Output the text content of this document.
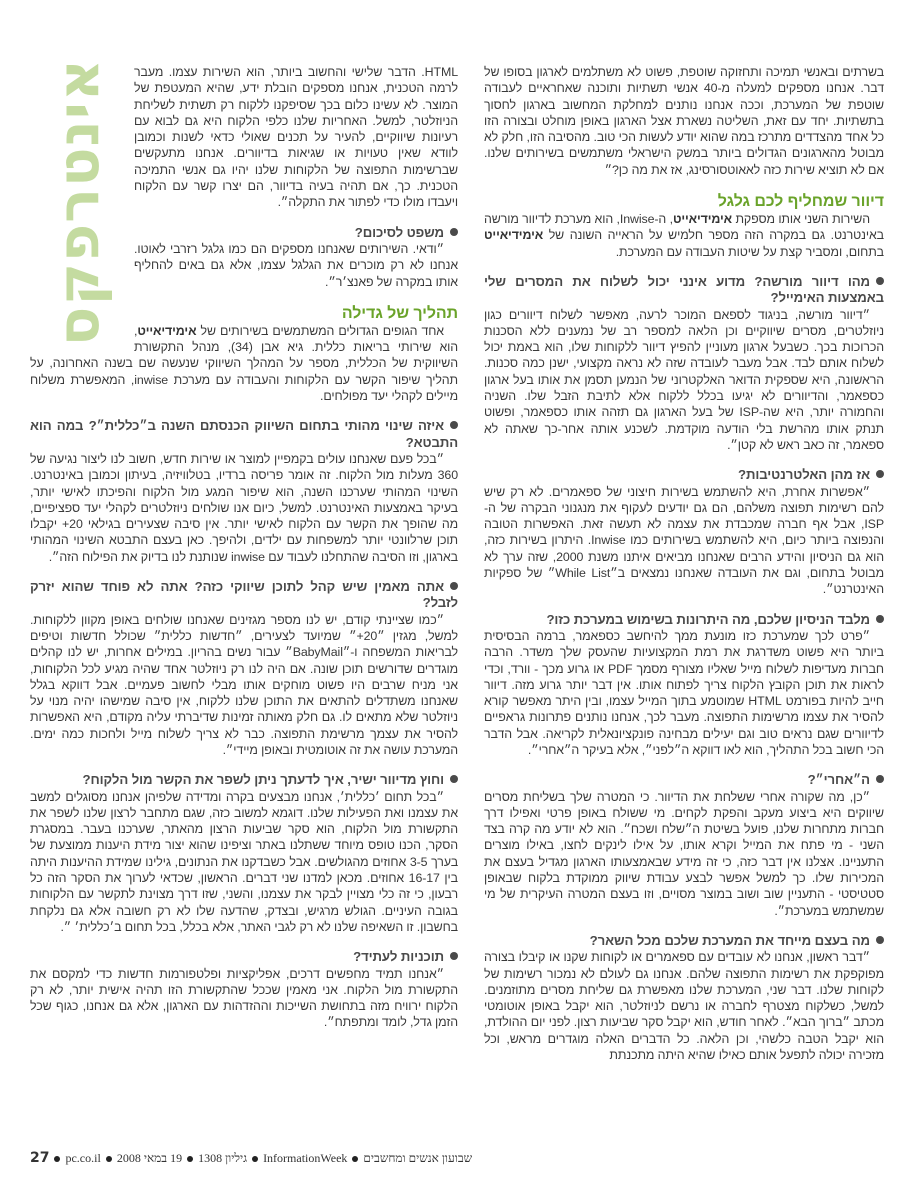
אינטרפקס	בשרתים ובאנשי תמיכה ותחזוקה שוטפת, פשוט לא משתלמים לארגון בסופו של דבר. אנחנו מספקים למעלה מ-40 אנשי תשתיות ותוכנה שאחראיים לעבודה שוטפת של המערכת, וככה אנחנו נותנים למחלקת המחשוב בארגון לחסוך בתשתיות. יחד עם זאת, השליטה נשארת אצל הארגון באופן מוחלט ובצורה הזו כל אחד מהצדדים מתרכז במה שהוא יודע לעשות הכי טוב. מהסיבה הזו, חלק לא מבוטל מהארגונים הגדולים ביותר במשק הישראלי משתמשים בשירותים שלנו. אם לא תוציא שירות כזה לאאוטסורסינג, אז את מה כן?״

דיוור שמחליף לכם גלגל

השירות השני אותו מספקת אימידיאייט, ה-Inwise, הוא מערכת לדיוור מורשה באינטרנט. גם במקרה הזה מספר חלמיש על הראייה השונה של אימידיאייט בתחום, ומסביר קצת על שיטות העבודה עם המערכת.

מהו דיוור מורשה? מדוע אינני יכול לשלוח את המסרים שלי באמצעות האימייל?

״דיוור מורשה, בניגוד לספאם המוכר לרעה, מאפשר לשלוח דיוורים כגון ניוזלטרים, מסרים שיווקיים וכן הלאה למספר רב של נמענים ללא הסכנות הכרוכות בכך. כשבעל ארגון מעוניין להפיץ דיוור ללקוחות שלו, הוא באמת יכול לשלוח אותם לבד. אבל מעבר לעובדה שזה לא נראה מקצועי, ישנן כמה סכנות. הראשונה, היא שספקית הדואר האלקטרוני של הנמען תסמן את אותו בעל ארגון כספאמר, והדיוורים לא יגיעו בכלל ללקוח אלא לתיבת הזבל שלו. השניה והחמורה יותר, היא שה-ISP של בעל הארגון גם תזהה אותו כספאמר, ופשוט תנתק אותו מהרשת בלי הודעה מוקדמת. לשכנע אותה אחר-כך שאתה לא ספאמר, זה כאב ראש לא קטן״.

אז מהן האלטרנטיבות?

״אפשרות אחרת, היא להשתמש בשירות חיצוני של ספאמרים. לא רק שיש להם רשימות תפוצה משלהם, הם גם יודעים לעקוף את מנגנוני הבקרה של ה-ISP, אבל אף חברה שמכבדת את עצמה לא תעשה זאת. האפשרות הטובה והנפוצה ביותר כיום, היא להשתמש בשירותים כמו Inwise. היתרון בשירות כזה, הוא גם הניסיון והידע הרבים שאנחנו מביאים איתנו משנת 2000, שזה ערך לא מבוטל בתחום, וגם את העובדה שאנחנו נמצאים ב״While List״ של ספקיות האינטרנט״.

מלבד הניסיון שלכם, מה היתרונות בשימוש במערכת כזו?

״פרט לכך שמערכת כזו מונעת ממך להיחשב כספאמר, ברמה הבסיסית ביותר היא פשוט משדרגת את רמת המקצועיות שהעסק שלך משדר. הרבה חברות מעדיפות לשלוח מייל שאליו מצורף מסמך PDF או גרוע מכך - וורד, וכדי לראות את תוכן הקובץ הלקוח צריך לפתוח אותו. אין דבר יותר גרוע מזה. דיוור חייב להיות בפורמט HTML שמוטמע בתוך המייל עצמו, ובין היתר מאפשר קורא להסיר את עצמו מרשימות התפוצה. מעבר לכך, אנחנו נותנים פתרונות גראפיים לדיוורים שגם נראים טוב וגם יעילים מבחינה פונקציונאלית לקריאה. אבל הדבר הכי חשוב בכל התהליך, הוא לאו דווקא ה״לפני״, אלא בעיקר ה״אחרי״.

ה״אחרי״?

״כן, מה שקורה אחרי ששלחת את הדיוור. כי המטרה שלך בשליחת מסרים שיווקים היא ביצוע מעקב והפקת לקחים. מי ששולח באופן פרטי ואפילו דרך חברות מתחרות שלנו, פועל בשיטת ה״שלח ושכח״. הוא לא יודע מה קרה בצד השני - מי פתח את המייל וקרא אותו, על אילו לינקים לחצו, באילו מוצרים התעניינו. אצלנו אין דבר כזה, כי זה מידע שבאמצעותו הארגון מגדיל בעצם את המכירות שלו. כך למשל אפשר לבצע עבודת שיווק ממוקדת בלקוח שבאופן סטטיסטי - התעניין שוב ושוב במוצר מסויים, וזו בעצם המטרה העיקרית של מי שמשתמש במערכת״.

מה בעצם מייחד את המערכת שלכם מכל השאר?

״דבר ראשון, אנחנו לא עובדים עם ספאמרים או לקוחות שקנו או קיבלו בצורה מפוקפקת את רשימות התפוצה שלהם. אנחנו גם לעולם לא נמכור רשימות של לקוחות שלנו. דבר שני, המערכת שלנו מאפשרת גם שליחת מסרים מתוזמנים. למשל, כשלקוח מצטרף לחברה או נרשם לניוזלטר, הוא יקבל באופן אוטומטי מכתב ״ברוך הבא״. לאחר חודש, הוא יקבל סקר שביעות רצון. לפני יום ההולדת, הוא יקבל הטבה כלשהי, וכן הלאה. כל הדברים האלה מוגדרים מראש, וכל מזכירה יכולה לתפעל אותם כאילו שהיא היתה מתכנתת

HTML. הדבר שלישי והחשוב ביותר, הוא השירות עצמו. מעבר לרמה הטכנית, אנחנו מספקים הובלת ידע, שהיא המעטפת של המוצר. לא עשינו כלום בכך שסיפקנו ללקוח רק תשתית לשליחת הניוזלטר, למשל. האחריות שלנו כלפי הלקוח היא גם לבוא עם רעיונות שיווקיים, להעיר על תכנים שאולי כדאי לשנות וכמובן לוודא שאין טעויות או שגיאות בדיוורים. אנחנו מתעקשים שברשימות התפוצה של הלקוחות שלנו יהיו גם אנשי התמיכה הטכנית. כך, אם תהיה בעיה בדיוור, הם יצרו קשר עם הלקוח ויעבדו מולו כדי לפתור את התקלה״.

משפט לסיכום?

״ודאי. השירותים שאנחנו מספקים הם כמו גלגל רזרבי לאוטו. אנחנו לא רק מוכרים את הגלגל עצמו, אלא גם באים להחליף אותו במקרה של פאנצ׳ר״.

תהליך של גדילה

אחד הגופים הגדולים המשתמשים בשירותים של אימידיאייט, הוא שירותי בריאות כללית. גיא אבן (34), מנהל התקשורת השיווקית של הכללית, מספר על המהלך השיווקי שנעשה שם בשנה האחרונה, על תהליך שיפור הקשר עם הלקוחות והעבודה עם מערכת inwise, המאפשרת משלוח מיילים לקהלי יעד מפולחים.

איזה שינוי מהותי בתחום השיווק הכנסתם השנה ב״כללית״? במה הוא התבטא?

״בכל פעם שאנחנו עולים בקמפיין למוצר או שירות חדש, חשוב לנו ליצור נגיעה של 360 מעלות מול הלקוח. זה אומר פריסה ברדיו, בטלוויזיה, בעיתון וכמובן באינטרנט. השינוי המהותי שערכנו השנה, הוא שיפור המגע מול הלקוח והפיכתו לאישי יותר, בעיקר באמצעות האינטרנט. למשל, כיום אנו שולחים ניוזלטרים לקהלי יעד ספציפיים, מה שהופך את הקשר עם הלקוח לאישי יותר. אין סיבה שצעירים בגילאי 20+ יקבלו תוכן שרלוונטי יותר למשפחות עם ילדים, ולהיפך. כאן בעצם התבטא השינוי המהותי בארגון, וזו הסיבה שהתחלנו לעבוד עם inwise שנותנת לנו בדיוק את הפילוח הזה״.

אתה מאמין שיש קהל לתוכן שיווקי כזה? אתה לא פוחד שהוא יזרק לזבל?

״כמו שציינתי קודם, יש לנו מספר מגזינים שאנחנו שולחים באופן מקוון ללקוחות. למשל, מגזין ״20+״ שמיועד לצעירים, ״חדשות כללית״ שכולל חדשות וטיפים לבריאות המשפחה ו-״BabyMail״ עבור נשים בהריון. במילים אחרות, יש לנו קהלים מוגדרים שדורשים תוכן שונה. אם היה לנו רק ניוזלטר אחד שהיה מגיע לכל הלקוחות, אני מניח שרבים היו פשוט מוחקים אותו מבלי לחשוב פעמיים. אבל דווקא בגלל שאנחנו משתדלים להתאים את התוכן שלנו ללקוח, אין סיבה שמישהו יהיה מנוי על ניוזלטר שלא מתאים לו. גם חלק מאותה זמינות שדיברתי עליה מקודם, היא האפשרות להסיר את עצמך מרשימת התפוצה. כבר לא צריך לשלוח מייל ולחכות כמה ימים. המערכת עושה את זה אוטומטית ובאופן מיידי״.

וחוץ מדיוור ישיר, איך לדעתך ניתן לשפר את הקשר מול הלקוח?

״בכל תחום ׳כללית׳, אנחנו מבצעים בקרה ומדידה שלפיהן אנחנו מסוגלים למשב את עצמנו ואת הפעילות שלנו. דוגמא למשוב כזה, שגם מתחבר לרצון שלנו לשפר את התקשורת מול הלקוח, הוא סקר שביעות הרצון מהאתר, שערכנו בעבר. במסגרת הסקר, הכנו טופס מיוחד ששתלנו באתר וציפינו שהוא יצור מידת היענות ממוצעת של בערך 3-5 אחוזים מהגולשים. אבל כשבדקנו את הנתונים, גילינו שמידת ההיענות היתה בין 16-17 אחוזים. מכאן למדנו שני דברים. הראשון, שכדאי לערוך את הסקר הזה כל רבעון, כי זה כלי מצויין לבקר את עצמנו, והשני, שזו דרך מצוינת לתקשר עם הלקוחות בגובה העיניים. הגולש מרגיש, ובצדק, שהדעה שלו לא רק חשובה אלא גם נלקחת בחשבון. זו השאיפה שלנו לא רק לגבי האתר, אלא בכלל, בכל תחום ב׳כללית׳ ״.

תוכניות לעתיד?

״אנחנו תמיד מחפשים דרכים, אפליקציות ופלטפורמות חדשות כדי למקסם את התקשורת מול הלקוח. אני מאמין שככל שהתקשורת הזו תהיה אישית יותר, לא רק הלקוח ירוויח מזה בתחושת השייכות וההזדהות עם הארגון, אלא גם אנחנו, כגוף שכל הזמן גדל, לומד ומתפתח״.

שבועון אנשים ומחשבים
InformationWeek
גיליון 1308
19 במאי 2008
pc.co.il
27
